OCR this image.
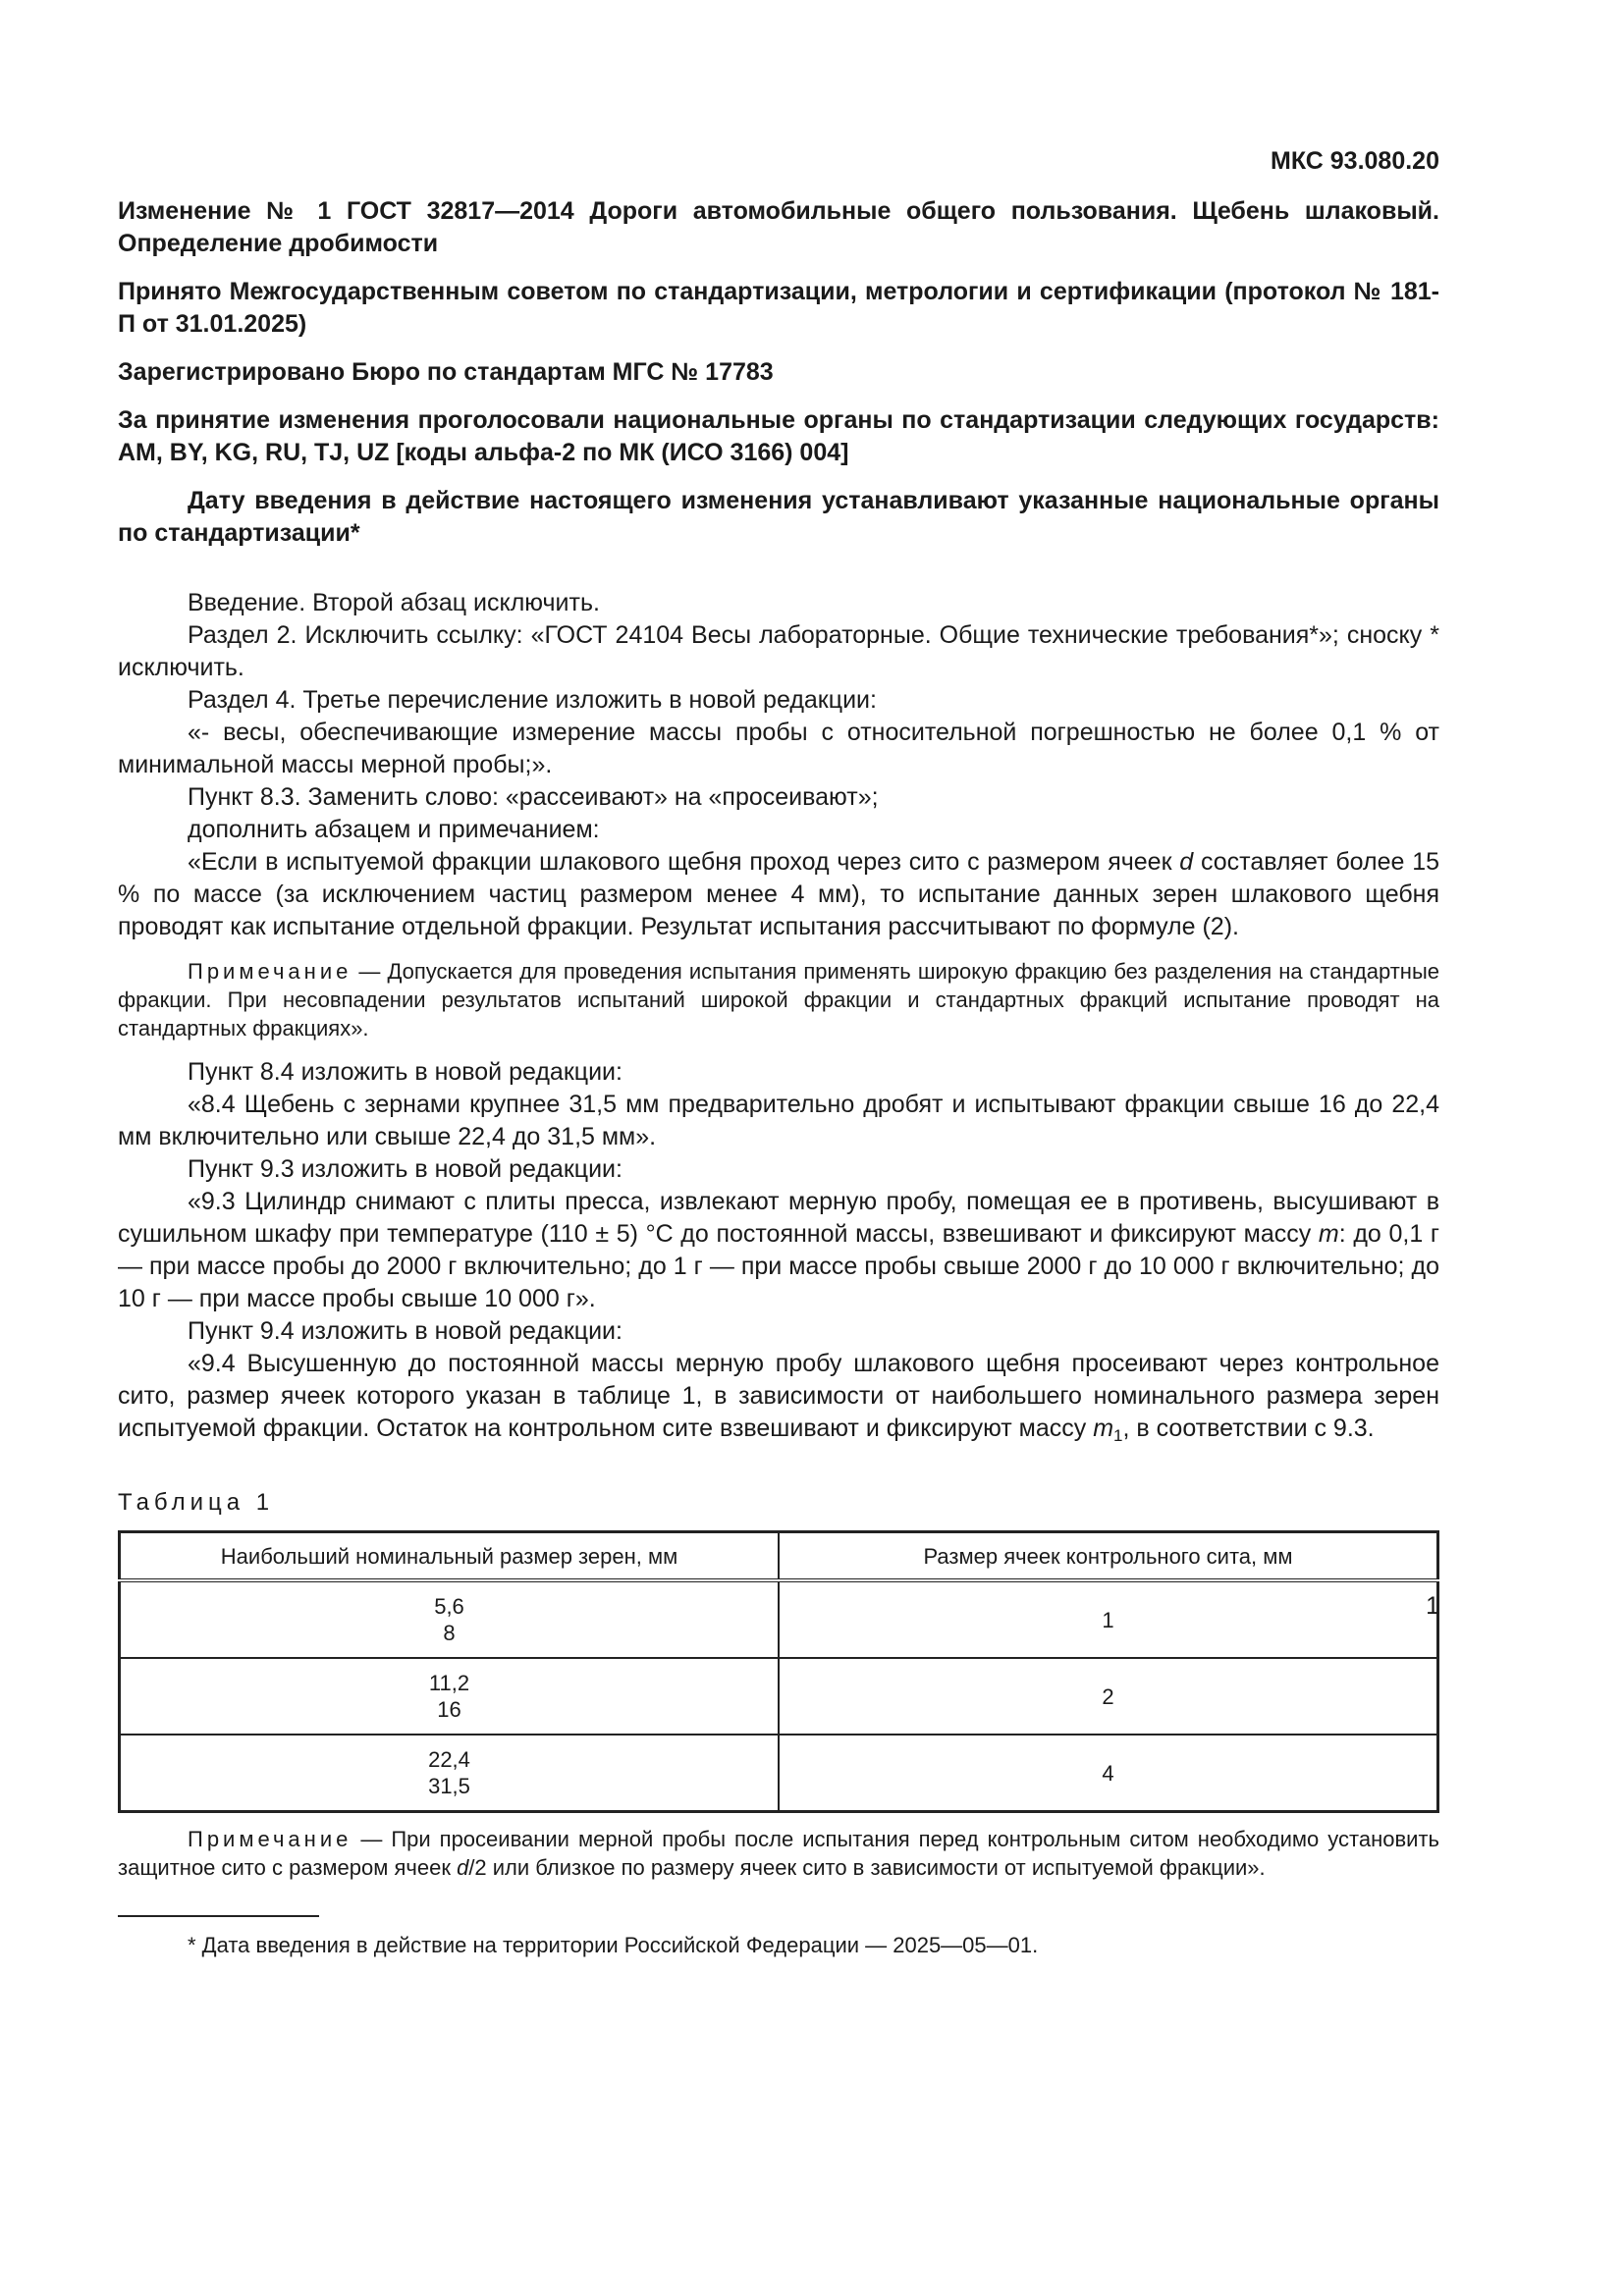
МКС 93.080.20
Изменение № 1 ГОСТ 32817—2014 Дороги автомобильные общего пользования. Щебень шлаковый. Определение дробимости
Принято Межгосударственным советом по стандартизации, метрологии и сертификации (протокол № 181-П от 31.01.2025)
Зарегистрировано Бюро по стандартам МГС № 17783
За принятие изменения проголосовали национальные органы по стандартизации следующих государств: AM, BY, KG, RU, TJ, UZ [коды альфа-2 по МК (ИСО 3166) 004]
Дату введения в действие настоящего изменения устанавливают указанные национальные органы по стандартизации*

Введение. Второй абзац исключить.

Раздел 2. Исключить ссылку: «ГОСТ 24104 Весы лабораторные. Общие технические требования*»; сноску * исключить.

Раздел 4. Третье перечисление изложить в новой редакции:

«- весы, обеспечивающие измерение массы пробы с относительной погрешностью не более 0,1 % от минимальной массы мерной пробы;».

Пункт 8.3. Заменить слово: «рассеивают» на «просеивают»;

дополнить абзацем и примечанием:

«Если в испытуемой фракции шлакового щебня проход через сито с размером ячеек d составляет более 15 % по массе (за исключением частиц размером менее 4 мм), то испытание данных зерен шлакового щебня проводят как испытание отдельной фракции. Результат испытания рассчитывают по формуле (2).

Примечание — Допускается для проведения испытания применять широкую фракцию без разделения на стандартные фракции. При несовпадении результатов испытаний широкой фракции и стандартных фракций испытание проводят на стандартных фракциях».

Пункт 8.4 изложить в новой редакции:

«8.4 Щебень с зернами крупнее 31,5 мм предварительно дробят и испытывают фракции свыше 16 до 22,4 мм включительно или свыше 22,4 до 31,5 мм».

Пункт 9.3 изложить в новой редакции:

«9.3 Цилиндр снимают с плиты пресса, извлекают мерную пробу, помещая ее в противень, высушивают в сушильном шкафу при температуре (110 ± 5) °С до постоянной массы, взвешивают и фиксируют массу m: до 0,1 г — при массе пробы до 2000 г включительно; до 1 г — при массе пробы свыше 2000 г до 10 000 г включительно; до 10 г — при массе пробы свыше 10 000 г».

Пункт 9.4 изложить в новой редакции:

«9.4 Высушенную до постоянной массы мерную пробу шлакового щебня просеивают через контрольное сито, размер ячеек которого указан в таблице 1, в зависимости от наибольшего номинального размера зерен испытуемой фракции. Остаток на контрольном сите взвешивают и фиксируют массу $m_1$, в соответствии с 9.3.

Таблица 1
Наибольший номинальный размер зерен, мм	Размер ячеек контрольного сита, мм

5,6
8	1

11,2
16	2

22,4
31,5	4

Примечание — При просеивании мерной пробы после испытания перед контрольным ситом необходимо установить защитное сито с размером ячеек d/2 или близкое по размеру ячеек сито в зависимости от испытуемой фракции».

* Дата введения в действие на территории Российской Федерации — 2025—05—01.
1
